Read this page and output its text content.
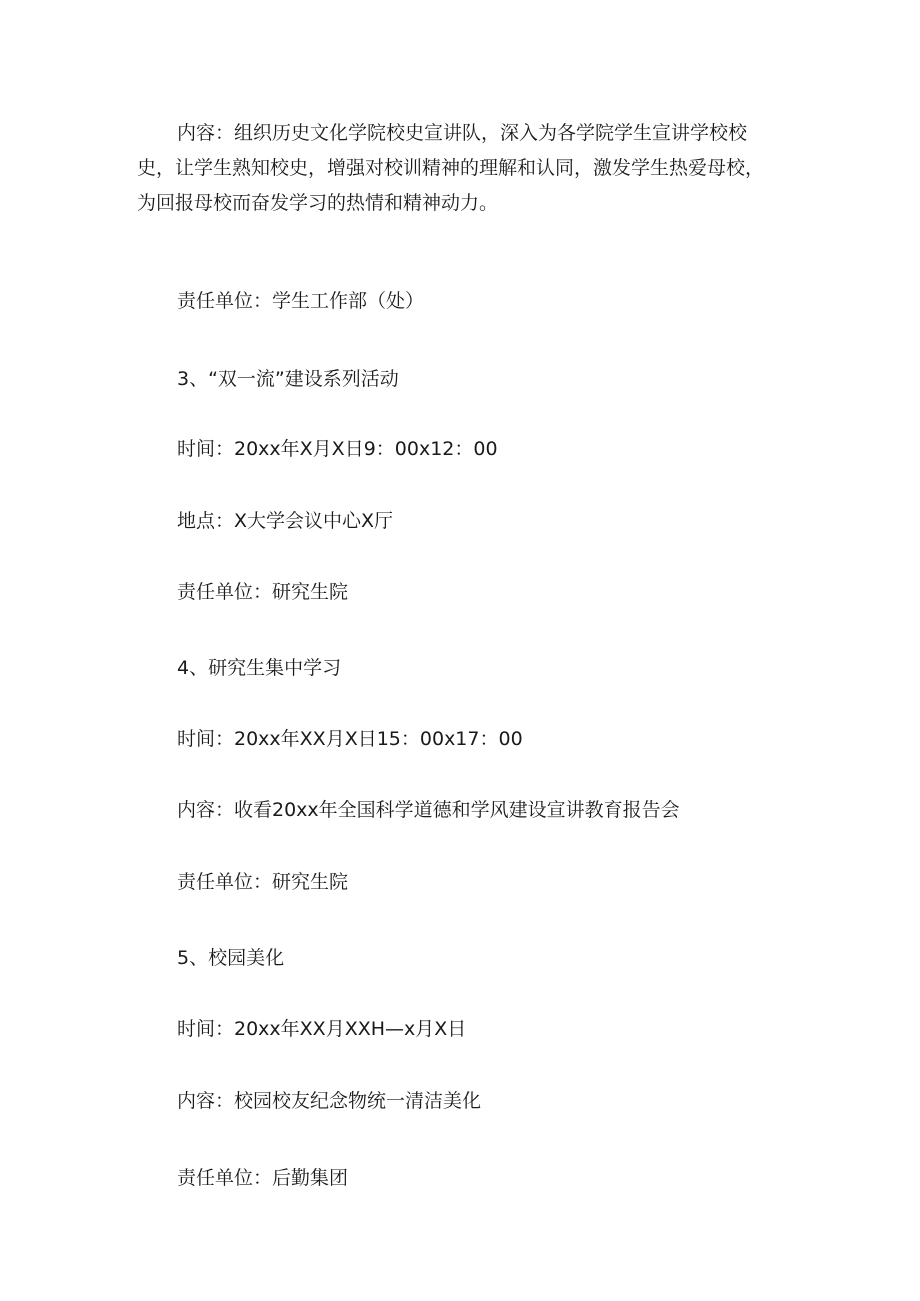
内容：组织历史文化学院校史宣讲队，深入为各学院学生宣讲学校校史，让学生熟知校史，增强对校训精神的理解和认同，激发学生热爱母校，为回报母校而奋发学习的热情和精神动力。

责任单位：学生工作部（处）

3、“双一流”建设系列活动

时间：20xx年X月X日9：00x12：00

地点：X大学会议中心X厅

责任单位：研究生院

4、研究生集中学习

时间：20xx年XX月X日15：00x17：00

内容：收看20xx年全国科学道德和学风建设宣讲教育报告会

责任单位：研究生院

5、校园美化

时间：20xx年XX月XXH—x月X日

内容：校园校友纪念物统一清洁美化

责任单位：后勤集团
